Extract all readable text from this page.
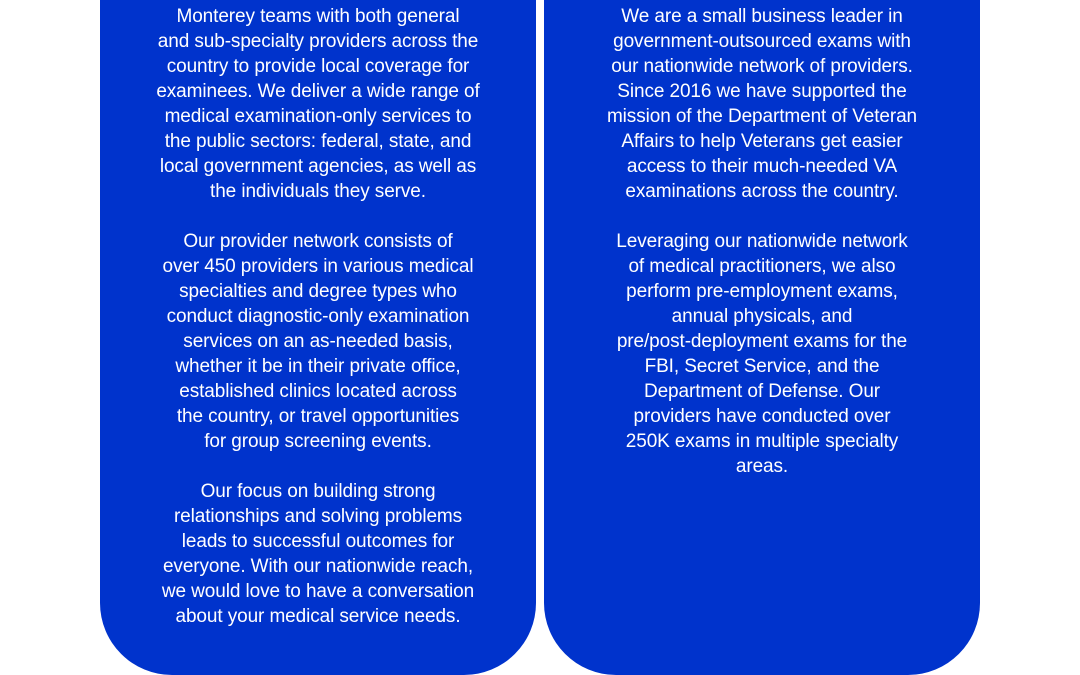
Monterey teams with both general
and sub-specialty providers across the
country to provide local coverage for
examinees. We deliver a wide range of
medical examination-only services to
the public sectors: federal, state, and
local government agencies, as well as
the individuals they serve.

Our provider network consists of
over 450 providers in various medical
specialties and degree types who
conduct diagnostic-only examination
services on an as-needed basis,
whether it be in their private office,
established clinics located across
the country, or travel opportunities
for group screening events.

Our focus on building strong
relationships and solving problems
leads to successful outcomes for
everyone. With our nationwide reach,
we would love to have a conversation
about your medical service needs.

We are a small business leader in
government-outsourced exams with
our nationwide network of providers.
Since 2016 we have supported the
mission of the Department of Veteran
Affairs to help Veterans get easier
access to their much-needed VA
examinations across the country.

Leveraging our nationwide network
of medical practitioners, we also
perform pre-employment exams,
annual physicals, and
pre/post-deployment exams for the
FBI, Secret Service, and the
Department of Defense. Our
providers have conducted over
250K exams in multiple specialty
areas.
